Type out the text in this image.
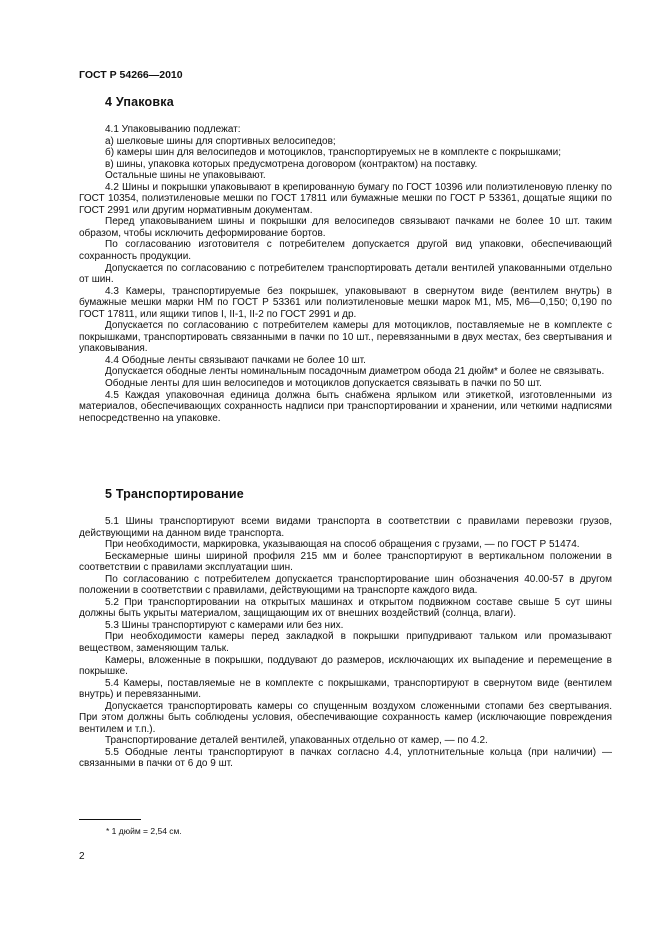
ГОСТ Р 54266—2010
4 Упаковка

4.1 Упаковыванию подлежат:

а) шелковые шины для спортивных велосипедов;

б) камеры шин для велосипедов и мотоциклов, транспортируемых не в комплекте с покрышками;

в) шины, упаковка которых предусмотрена договором (контрактом) на поставку.

Остальные шины не упаковывают.

4.2 Шины и покрышки упаковывают в крепированную бумагу по ГОСТ 10396 или полиэтиленовую пленку по ГОСТ 10354, полиэтиленовые мешки по ГОСТ 17811 или бумажные мешки по ГОСТ Р 53361, дощатые ящики по ГОСТ 2991 или другим нормативным документам.

Перед упаковыванием шины и покрышки для велосипедов связывают пачками не более 10 шт. таким образом, чтобы исключить деформирование бортов.

По согласованию изготовителя с потребителем допускается другой вид упаковки, обеспечивающий сохранность продукции.

Допускается по согласованию с потребителем транспортировать детали вентилей упакованными отдельно от шин.

4.3 Камеры, транспортируемые без покрышек, упаковывают в свернутом виде (вентилем внутрь) в бумажные мешки марки НМ по ГОСТ Р 53361 или полиэтиленовые мешки марок М1, М5, М6—0,150; 0,190 по ГОСТ 17811, или ящики типов I, II-1, II-2 по ГОСТ 2991 и др.

Допускается по согласованию с потребителем камеры для мотоциклов, поставляемые не в комплекте с покрышками, транспортировать связанными в пачки по 10 шт., перевязанными в двух местах, без свертывания и упаковывания.

4.4 Ободные ленты связывают пачками не более 10 шт.

Допускается ободные ленты номинальным посадочным диаметром обода 21 дюйм* и более не связывать.

Ободные ленты для шин велосипедов и мотоциклов допускается связывать в пачки по 50 шт.

4.5 Каждая упаковочная единица должна быть снабжена ярлыком или этикеткой, изготовленными из материалов, обеспечивающих сохранность надписи при транспортировании и хранении, или четкими надписями непосредственно на упаковке.

5 Транспортирование

5.1 Шины транспортируют всеми видами транспорта в соответствии с правилами перевозки грузов, действующими на данном виде транспорта.

При необходимости, маркировка, указывающая на способ обращения с грузами, — по ГОСТ Р 51474.

Бескамерные шины шириной профиля 215 мм и более транспортируют в вертикальном положении в соответствии с правилами эксплуатации шин.

По согласованию с потребителем допускается транспортирование шин обозначения 40.00-57 в другом положении в соответствии с правилами, действующими на транспорте каждого вида.

5.2 При транспортировании на открытых машинах и открытом подвижном составе свыше 5 сут шины должны быть укрыты материалом, защищающим их от внешних воздействий (солнца, влаги).

5.3 Шины транспортируют с камерами или без них.

При необходимости камеры перед закладкой в покрышки припудривают тальком или промазывают веществом, заменяющим тальк.

Камеры, вложенные в покрышки, поддувают до размеров, исключающих их выпадение и перемещение в покрышке.

5.4 Камеры, поставляемые не в комплекте с покрышками, транспортируют в свернутом виде (вентилем внутрь) и перевязанными.

Допускается транспортировать камеры со спущенным воздухом сложенными стопами без свертывания. При этом должны быть соблюдены условия, обеспечивающие сохранность камер (исключающие повреждения вентилем и т.п.).

Транспортирование деталей вентилей, упакованных отдельно от камер, — по 4.2.

5.5 Ободные ленты транспортируют в пачках согласно 4.4, уплотнительные кольца (при наличии) — связанными в пачки от 6 до 9 шт.

* 1 дюйм = 2,54 см.
2
